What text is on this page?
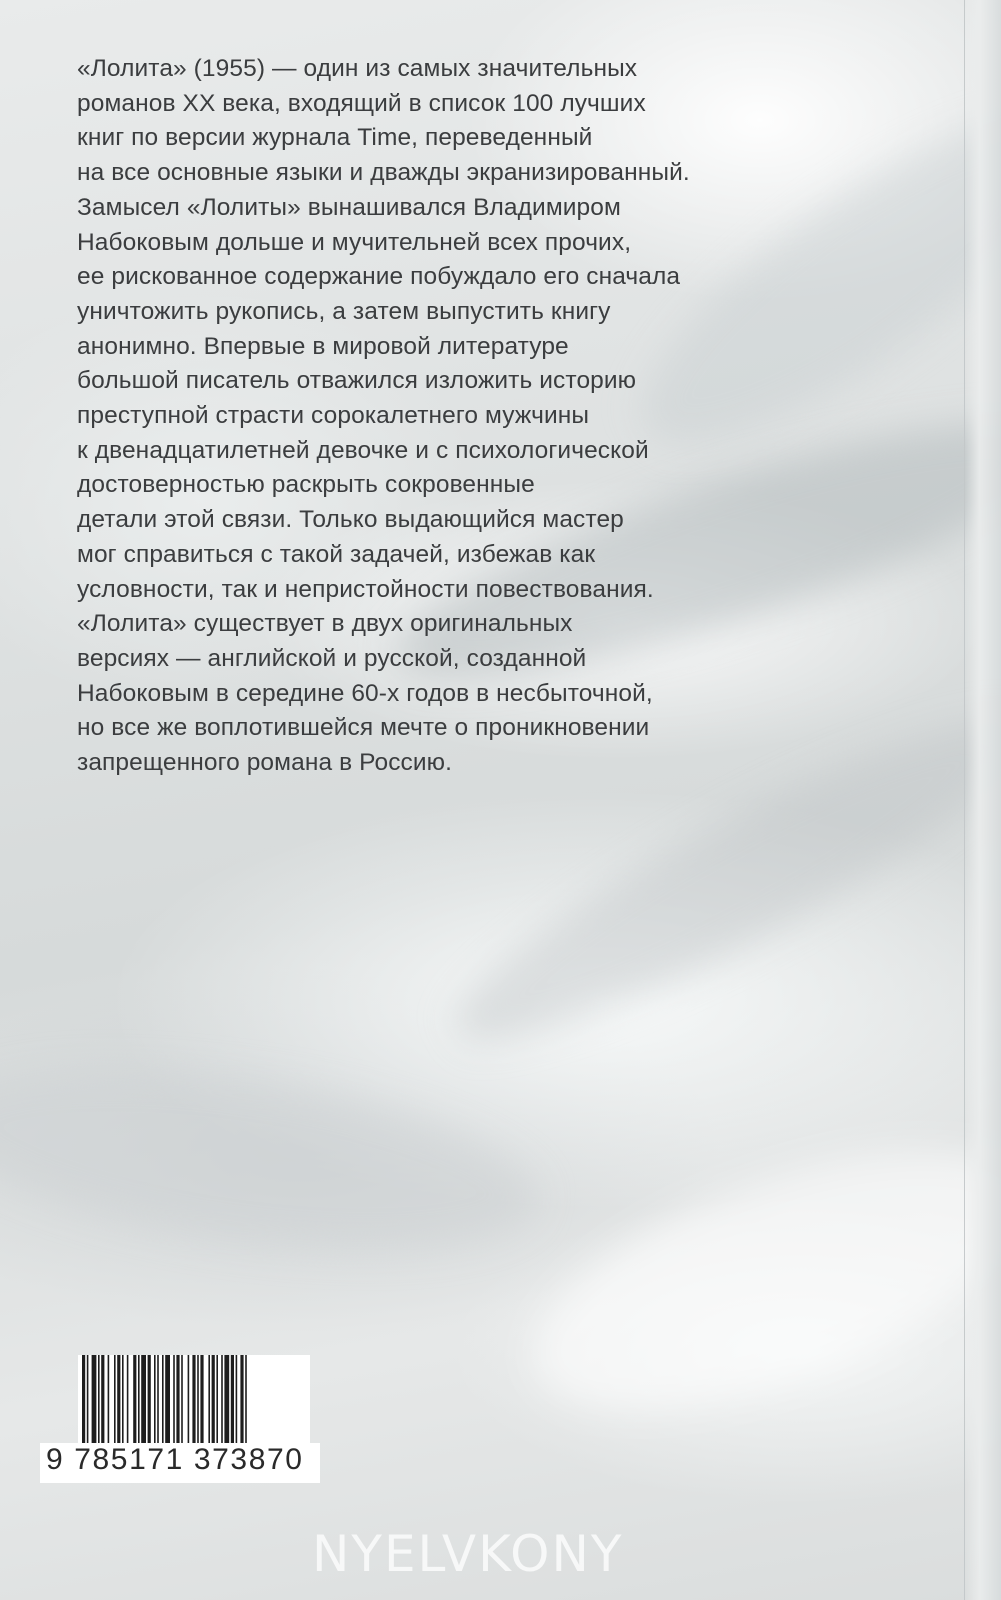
«Лолита» (1955) — один из самых значительных
романов XX века, входящий в список 100 лучших
книг по версии журнала Time, переведенный
на все основные языки и дважды экранизированный.
Замысел «Лолиты» вынашивался Владимиром
Набоковым дольше и мучительней всех прочих,
ее рискованное содержание побуждало его сначала
уничтожить рукопись, а затем выпустить книгу
анонимно. Впервые в мировой литературе
большой писатель отважился изложить историю
преступной страсти сорокалетнего мужчины
к двенадцатилетней девочке и с психологической
достоверностью раскрыть сокровенные
детали этой связи. Только выдающийся мастер
мог справиться с такой задачей, избежав как
условности, так и непристойности повествования.
«Лолита» существует в двух оригинальных
версиях — английской и русской, созданной
Набоковым в середине 60-х годов в несбыточной,
но все же воплотившейся мечте о проникновении
запрещенного романа в Россию.
9 785171 373870
NYELVKONY
